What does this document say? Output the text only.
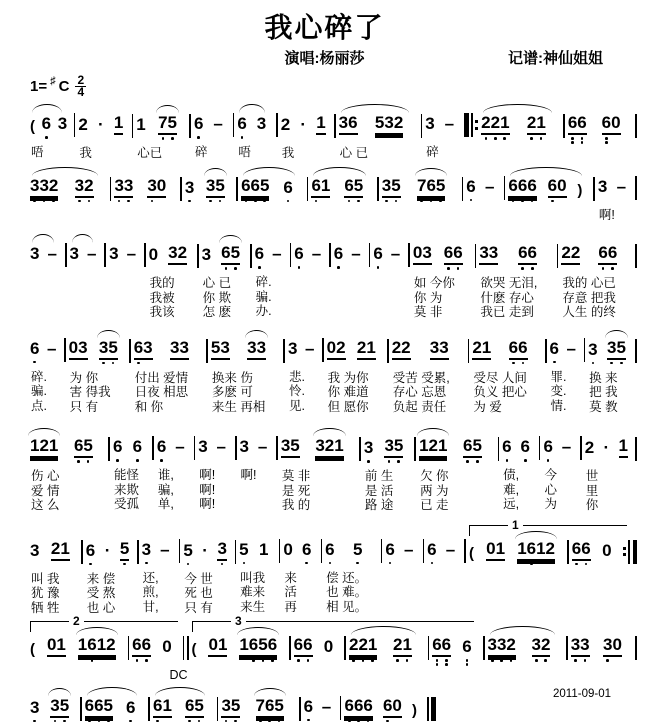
我心碎了
演唱:杨丽莎	记谱:神仙姐姐
1= ♯ C $\frac{2}{4}$
( 6 3
唔
2 · 1
我
1 7 5
心已
6 –
碎
6 3
唔
2 · 1
我
3 6 5 3 2
心 已
3 –
碎
2 2 1 2 1 6 6 6 0
3 3 2 3 2 3 3 3 0 3 3 5 6 6 5 6 6 1 6 5 3 5 7 6 5 6 – 6 6 6 6 0 ) 3 –
啊!
3 – 3 – 3 – 0 3 2
我的
我被
我该
3 6 5
心 已
你 欺
怎 麽
6 –
碎.
骗.
办.
6 – 6 – 6 – 0 3 6 6
如 今你
你 为
莫 非
3 3 6 6
欲哭 无泪,
什麽 存心
我已 走到
2 2 6 6
我的 心已
存意 把我
人生 的终
6 –
碎.
骗.
点.
0 3 3 5
为 你
害 得我
只 有
6 3 3 3
付出 爱情
日夜 相思
和 你
5 3 3 3
换来 伤
多麽 可
来生 再相
3 –
悲.
怜.
见.
0 2 2 1
我 为你
你 难道
但 愿你
2 2 3 3
受苦 受累,
存心 忘恩
负起 责任
2 1 6 6
受尽 人间
负义 把心
为 爱
6 –
罪.
变.
情.
3 3 5
换 来
把 我
莫 教
1 2 1 6 5
伤 心
爱 情
这 么
6 6
能怪
来欺
受孤
6 –
谁,
骗,
单,
3 –
啊!
啊!
啊!
3 –
啊!
3 5 3 2 1
莫 非
是 死
我 的
3 3 5
前 生
是 活
路 途
1 2 1 6 5
欠 你
两 为
已 走
6 6
债,
难,
远,
6 –
今
心
为
2 · 1
世
里
你
3 2 1
叫 我
犹 豫
牺 牲
6 · 5
来 偿
受 熬
也 心
3 –
还,
煎,
甘,
5 · 3
今 世
死 也
只 有
5 1
叫我
难来
来生
0 6
来
活
再
6 5
偿 还。
也 难。
相 见。
6 – 6 – ( 0 1 1 6 1 2 6 6 0
1
( 0 1 1 6 1 2 6 6 0
DC
( 0 1 1 6 5 6 6 6 0 2 2 1 2 1 6 6 6 3 3 2 3 2 3 3 3 0
2	3
3 3 5 6 6 5 6 6 1 6 5 3 5 7 6 5 6 – 6 6 6 6 0 )
2011-09-01
